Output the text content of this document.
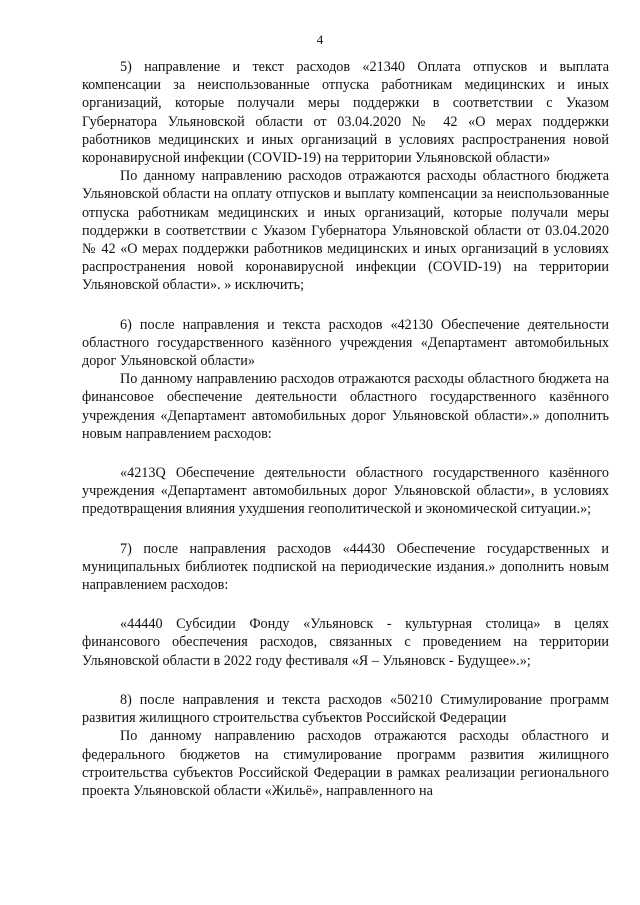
4

5) направление и текст расходов «21340 Оплата отпусков и выплата компенсации за неиспользованные отпуска работникам медицинских и иных организаций, которые получали меры поддержки в соответствии с Указом Губернатора Ульяновской области от 03.04.2020 № 42 «О мерах поддержки работников медицинских и иных организаций в условиях распространения новой коронавирусной инфекции (COVID-19) на территории Ульяновской области»

По данному направлению расходов отражаются расходы областного бюджета Ульяновской области на оплату отпусков и выплату компенсации за неиспользованные отпуска работникам медицинских и иных организаций, которые получали меры поддержки в соответствии с Указом Губернатора Ульяновской области от 03.04.2020 № 42 «О мерах поддержки работников медицинских и иных организаций в условиях распространения новой коронавирусной инфекции (COVID-19) на территории Ульяновской области». » исключить;

6) после направления и текста расходов «42130 Обеспечение деятельности областного государственного казённого учреждения «Департамент автомобильных дорог Ульяновской области»

По данному направлению расходов отражаются расходы областного бюджета на финансовое обеспечение деятельности областного государственного казённого учреждения «Департамент автомобильных дорог Ульяновской области».» дополнить новым направлением расходов:

«4213Q Обеспечение деятельности областного государственного казённого учреждения «Департамент автомобильных дорог Ульяновской области», в условиях предотвращения влияния ухудшения геополитической и экономической ситуации.»;

7) после направления расходов «44430 Обеспечение государственных и муниципальных библиотек подпиской на периодические издания.» дополнить новым направлением расходов:

«44440 Субсидии Фонду «Ульяновск - культурная столица» в целях финансового обеспечения расходов, связанных с проведением на территории Ульяновской области в 2022 году фестиваля «Я – Ульяновск - Будущее».»;

8) после направления и текста расходов «50210 Стимулирование программ развития жилищного строительства субъектов Российской Федерации

По данному направлению расходов отражаются расходы областного и федерального бюджетов на стимулирование программ развития жилищного строительства субъектов Российской Федерации в рамках реализации регионального проекта Ульяновской области «Жильё», направленного на
